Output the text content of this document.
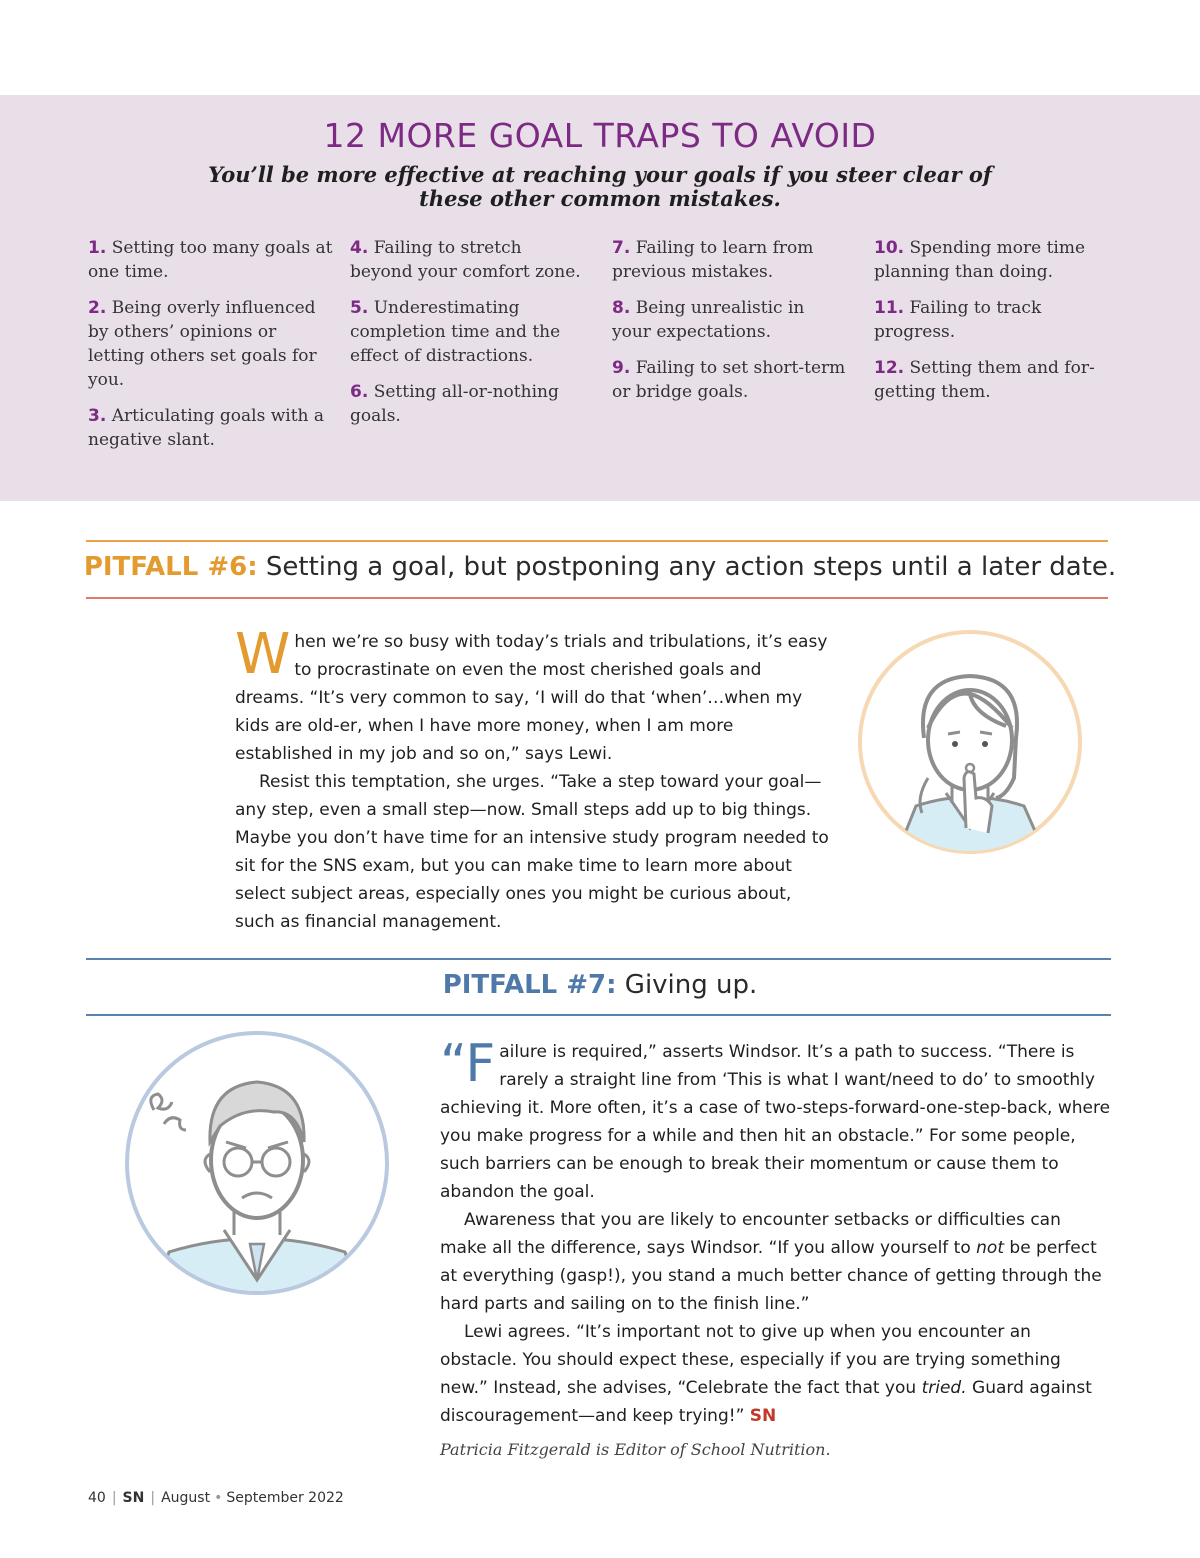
12 MORE GOAL TRAPS TO AVOID
You’ll be more effective at reaching your goals if you steer clear of these other common mistakes.
1. Setting too many goals at one time.
2. Being overly influenced by others’ opinions or letting others set goals for you.
3. Articulating goals with a negative slant.
4. Failing to stretch beyond your comfort zone.
5. Underestimating completion time and the effect of distractions.
6. Setting all-or-nothing goals.
7. Failing to learn from previous mistakes.
8. Being unrealistic in your expectations.
9. Failing to set short-term or bridge goals.
10. Spending more time planning than doing.
11. Failing to track progress.
12. Setting them and for-getting them.
PITFALL #6: Setting a goal, but postponing any action steps until a later date.

When we’re so busy with today’s trials and tribulations, it’s easy to procrastinate on even the most cherished goals and dreams. “It’s very common to say, ‘I will do that ‘when’…when my kids are old-er, when I have more money, when I am more established in my job and so on,” says Lewi.

Resist this temptation, she urges. “Take a step toward your goal—any step, even a small step—now. Small steps add up to big things. Maybe you don’t have time for an intensive study program needed to sit for the SNS exam, but you can make time to learn more about select subject areas, especially ones you might be curious about, such as financial management.

PITFALL #7: Giving up.

“Failure is required,” asserts Windsor. It’s a path to success. “There is rarely a straight line from ‘This is what I want/need to do’ to smoothly achieving it. More often, it’s a case of two-steps-forward-one-step-back, where you make progress for a while and then hit an obstacle.” For some people, such barriers can be enough to break their momentum or cause them to abandon the goal.

Awareness that you are likely to encounter setbacks or difficulties can make all the difference, says Windsor. “If you allow yourself to not be perfect at everything (gasp!), you stand a much better chance of getting through the hard parts and sailing on to the finish line.”

Lewi agrees. “It’s important not to give up when you encounter an obstacle. You should expect these, especially if you are trying something new.” Instead, she advises, “Celebrate the fact that you tried. Guard against discouragement—and keep trying!” SN

Patricia Fitzgerald is Editor of School Nutrition.
40 | SN | August • September 2022
